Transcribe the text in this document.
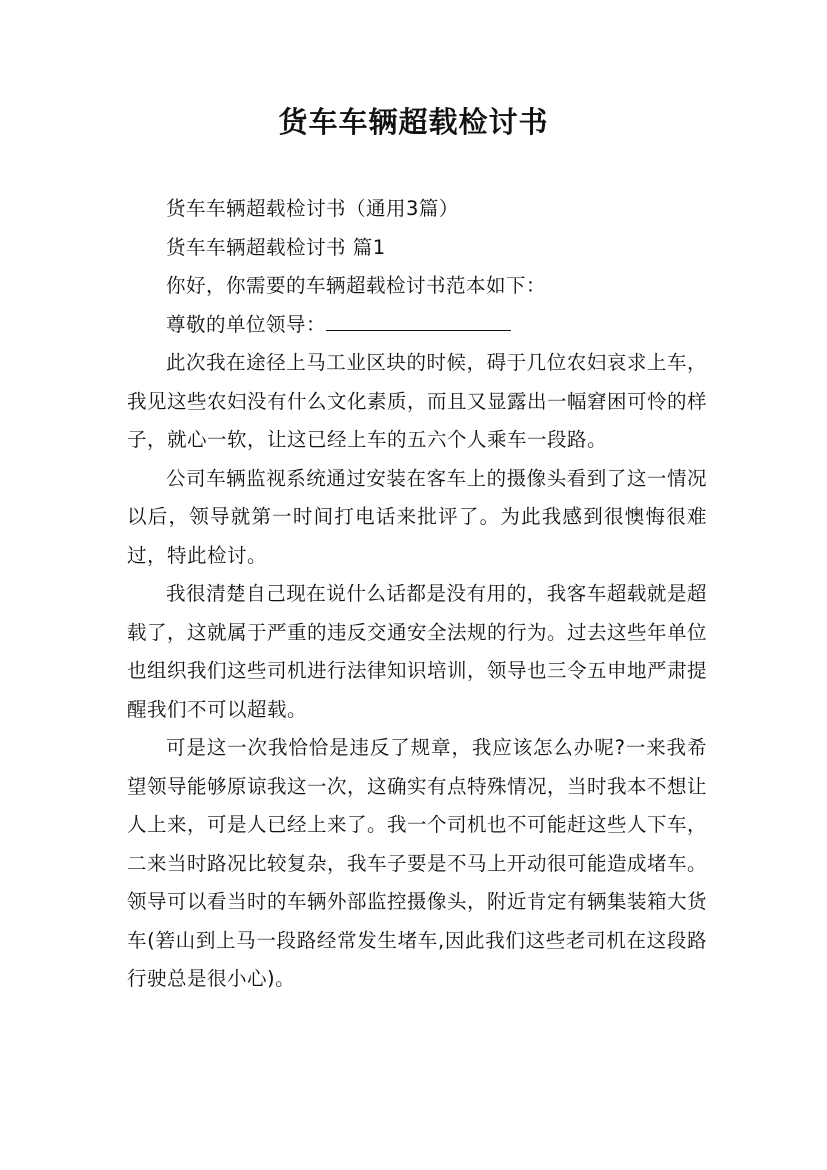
货车车辆超载检讨书

货车车辆超载检讨书（通用3篇）

货车车辆超载检讨书 篇1

你好，你需要的车辆超载检讨书范本如下：

尊敬的单位领导：

此次我在途径上马工业区块的时候，碍于几位农妇哀求上车，我见这些农妇没有什么文化素质，而且又显露出一幅窘困可怜的样子，就心一软，让这已经上车的五六个人乘车一段路。

公司车辆监视系统通过安装在客车上的摄像头看到了这一情况以后，领导就第一时间打电话来批评了。为此我感到很懊悔很难过，特此检讨。

我很清楚自己现在说什么话都是没有用的，我客车超载就是超载了，这就属于严重的违反交通安全法规的行为。过去这些年单位也组织我们这些司机进行法律知识培训，领导也三令五申地严肃提醒我们不可以超载。

可是这一次我恰恰是违反了规章，我应该怎么办呢?一来我希望领导能够原谅我这一次，这确实有点特殊情况，当时我本不想让人上来，可是人已经上来了。我一个司机也不可能赶这些人下车，二来当时路况比较复杂，我车子要是不马上开动很可能造成堵车。领导可以看当时的车辆外部监控摄像头，附近肯定有辆集装箱大货车(箬山到上马一段路经常发生堵车,因此我们这些老司机在这段路行驶总是很小心)。
